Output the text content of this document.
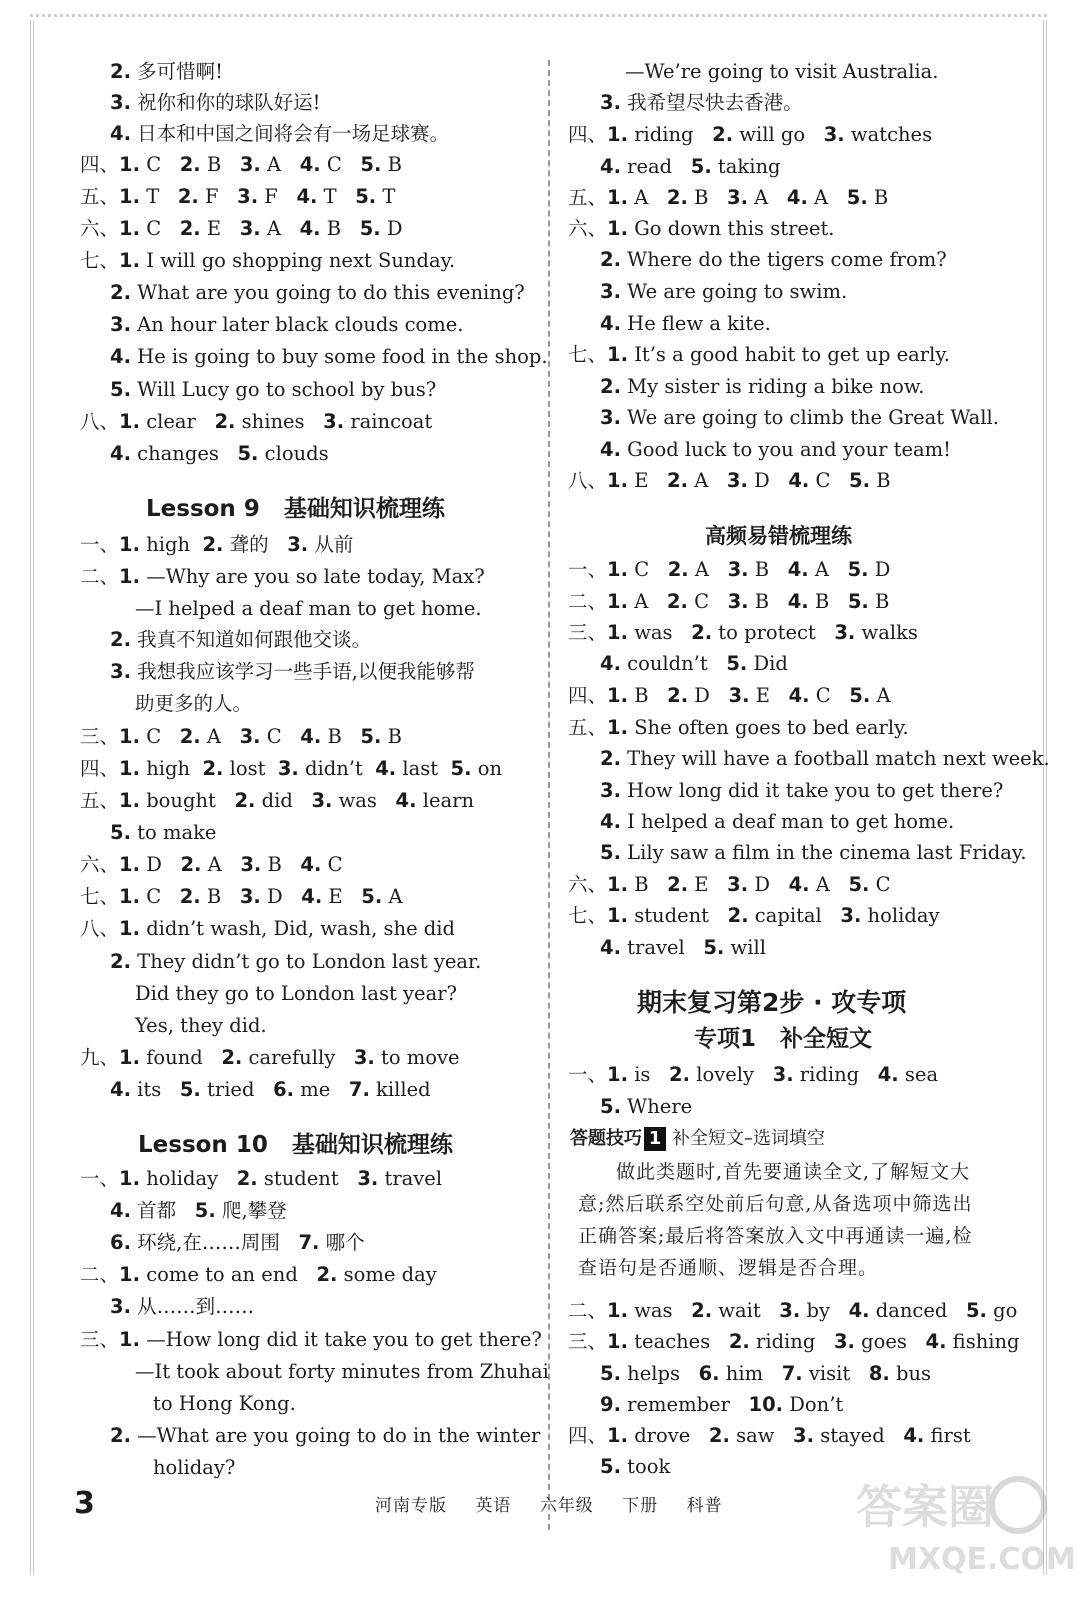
2. 多可惜啊!
3. 祝你和你的球队好运!
4. 日本和中国之间将会有一场足球赛。
四、1. C   2. B   3. A   4. C   5. B
五、1. T   2. F   3. F   4. T   5. T
六、1. C   2. E   3. A   4. B   5. D
七、1. I will go shopping next Sunday.
2. What are you going to do this evening?
3. An hour later black clouds come.
4. He is going to buy some food in the shop.
5. Will Lucy go to school by bus?
八、1. clear   2. shines   3. raincoat
4. changes   5. clouds
一、1. high  2. 聋的   3. 从前
二、1. —Why are you so late today, Max?
—I helped a deaf man to get home.
2. 我真不知道如何跟他交谈。
3. 我想我应该学习一些手语,以便我能够帮
助更多的人。
三、1. C   2. A   3. C   4. B   5. B
四、1. high  2. lost  3. didn’t  4. last  5. on
五、1. bought   2. did   3. was   4. learn
5. to make
六、1. D   2. A   3. B   4. C
七、1. C   2. B   3. D   4. E   5. A
八、1. didn’t wash, Did, wash, she did
2. They didn’t go to London last year.
Did they go to London last year?
Yes, they did.
九、1. found   2. carefully   3. to move
4. its   5. tried   6. me   7. killed
一、1. holiday   2. student   3. travel
4. 首都   5. 爬,攀登
6. 环绕,在……周围   7. 哪个
二、1. come to an end   2. some day
3. 从……到……
三、1. —How long did it take you to get there?
—It took about forty minutes from Zhuhai
to Hong Kong.
2. —What are you going to do in the winter
holiday?
—We’re going to visit Australia.
3. 我希望尽快去香港。
四、1. riding   2. will go   3. watches
4. read   5. taking
五、1. A   2. B   3. A   4. A   5. B
六、1. Go down this street.
2. Where do the tigers come from?
3. We are going to swim.
4. He flew a kite.
七、1. It’s a good habit to get up early.
2. My sister is riding a bike now.
3. We are going to climb the Great Wall.
4. Good luck to you and your team!
八、1. E   2. A   3. D   4. C   5. B
一、1. C   2. A   3. B   4. A   5. D
二、1. A   2. C   3. B   4. B   5. B
三、1. was   2. to protect   3. walks
4. couldn’t   5. Did
四、1. B   2. D   3. E   4. C   5. A
五、1. She often goes to bed early.
2. They will have a football match next week.
3. How long did it take you to get there?
4. I helped a deaf man to get home.
5. Lily saw a film in the cinema last Friday.
六、1. B   2. E   3. D   4. A   5. C
七、1. student   2. capital   3. holiday
4. travel   5. will
一、1. is   2. lovely   3. riding   4. sea
5. Where
二、1. was   2. wait   3. by   4. danced   5. go
三、1. teaches   2. riding   3. goes   4. fishing
5. helps   6. him   7. visit   8. bus
9. remember   10. Don’t
四、1. drove   2. saw   3. stayed   4. first
5. took
Lesson 9   基础知识梳理练
Lesson 10   基础知识梳理练
高频易错梳理练
期末复习第2步 · 攻专项
专项1   补全短文
答题技巧 1 补全短文–选词填空
做此类题时,首先要通读全文,了解短文大意;然后联系空处前后句意,从备选项中筛选出正确答案;最后将答案放入文中再通读一遍,检查语句是否通顺、逻辑是否合理。
3	河南专版 英语 六年级 下册 科普	答案圈
MXQE.COM
